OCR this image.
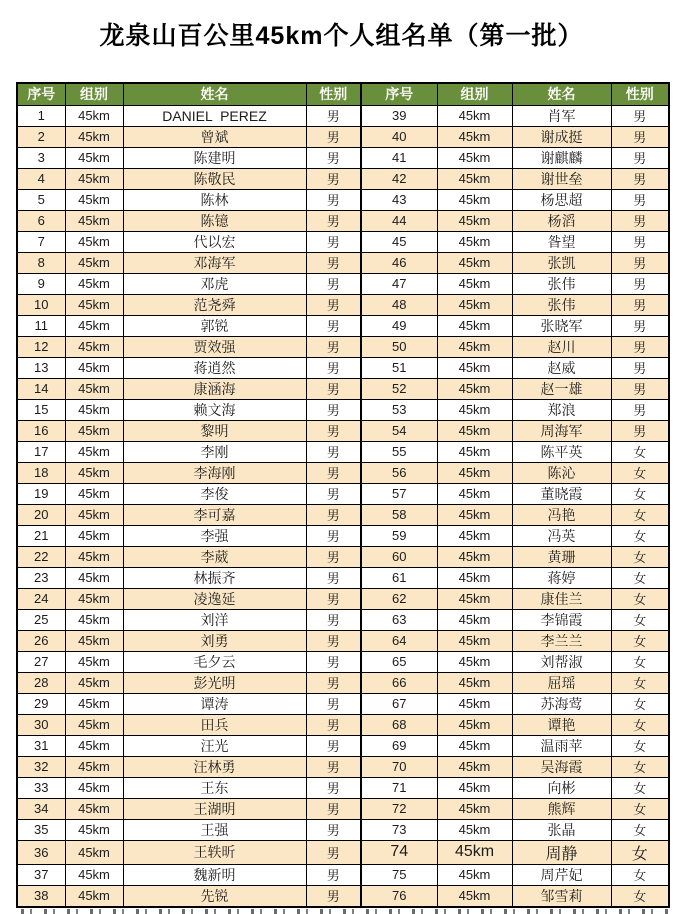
龙泉山百公里45km个人组名单（第一批）
序号	组别	姓名	性别	序号	组别	姓名	性别
1	45km	DANIEL  PEREZ	男	39	45km	肖军	男
2	45km	曾斌	男	40	45km	谢成挺	男
3	45km	陈建明	男	41	45km	谢麒麟	男
4	45km	陈敬民	男	42	45km	谢世垒	男
5	45km	陈林	男	43	45km	杨思超	男
6	45km	陈镱	男	44	45km	杨滔	男
7	45km	代以宏	男	45	45km	昝望	男
8	45km	邓海军	男	46	45km	张凯	男
9	45km	邓虎	男	47	45km	张伟	男
10	45km	范尧舜	男	48	45km	张伟	男
11	45km	郭锐	男	49	45km	张晓军	男
12	45km	贾效强	男	50	45km	赵川	男
13	45km	蒋逍然	男	51	45km	赵威	男
14	45km	康涵海	男	52	45km	赵一雄	男
15	45km	赖文海	男	53	45km	郑浪	男
16	45km	黎明	男	54	45km	周海军	男
17	45km	李刚	男	55	45km	陈平英	女
18	45km	李海刚	男	56	45km	陈沁	女
19	45km	李俊	男	57	45km	董晓霞	女
20	45km	李可嘉	男	58	45km	冯艳	女
21	45km	李强	男	59	45km	冯英	女
22	45km	李葳	男	60	45km	黄珊	女
23	45km	林振齐	男	61	45km	蒋婷	女
24	45km	凌逸延	男	62	45km	康佳兰	女
25	45km	刘洋	男	63	45km	李锦霞	女
26	45km	刘勇	男	64	45km	李兰兰	女
27	45km	毛夕云	男	65	45km	刘帮淑	女
28	45km	彭光明	男	66	45km	屈瑶	女
29	45km	谭涛	男	67	45km	苏海莺	女
30	45km	田兵	男	68	45km	谭艳	女
31	45km	汪光	男	69	45km	温雨苹	女
32	45km	汪林勇	男	70	45km	吴海霞	女
33	45km	王东	男	71	45km	向彬	女
34	45km	王湖明	男	72	45km	熊辉	女
35	45km	王强	男	73	45km	张晶	女
36	45km	王轶昕	男	74	45km	周静	女
37	45km	魏新明	男	75	45km	周芹妃	女
38	45km	先锐	男	76	45km	邹雪莉	女
